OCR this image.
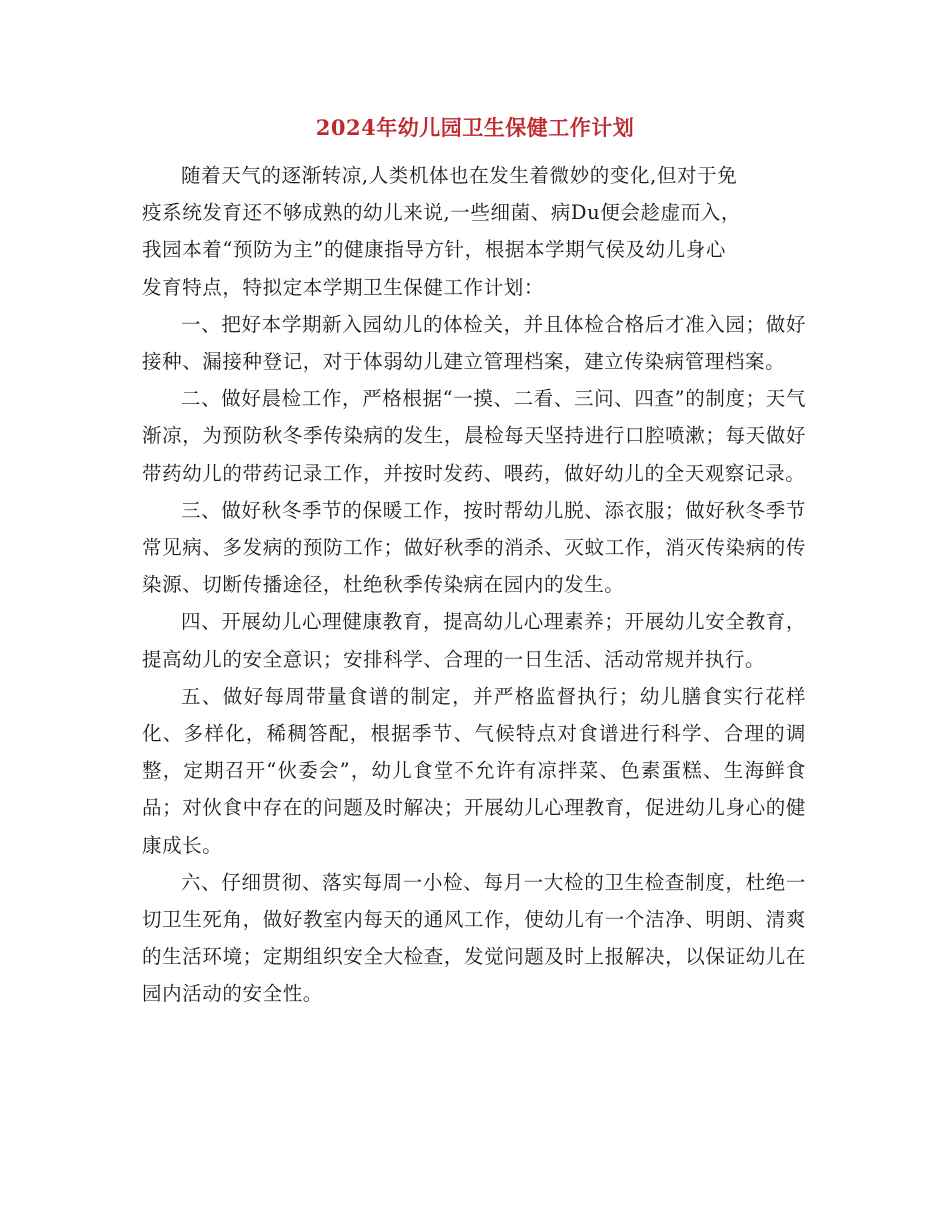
2024年幼儿园卫生保健工作计划
随着天气的逐渐转凉,人类机体也在发生着微妙的变化,但对于免
疫系统发育还不够成熟的幼儿来说,一些细菌、病Du便会趁虚而入，
我园本着“预防为主”的健康指导方针，根据本学期气侯及幼儿身心
发育特点，特拟定本学期卫生保健工作计划：

一、把好本学期新入园幼儿的体检关，并且体检合格后才准入园；做好接种、漏接种登记，对于体弱幼儿建立管理档案，建立传染病管理档案。

二、做好晨检工作，严格根据“一摸、二看、三问、四查”的制度；天气渐凉，为预防秋冬季传染病的发生，晨检每天坚持进行口腔喷漱；每天做好带药幼儿的带药记录工作，并按时发药、喂药，做好幼儿的全天观察记录。

三、做好秋冬季节的保暖工作，按时帮幼儿脱、添衣服；做好秋冬季节常见病、多发病的预防工作；做好秋季的消杀、灭蚊工作，消灭传染病的传染源、切断传播途径，杜绝秋季传染病在园内的发生。

四、开展幼儿心理健康教育，提高幼儿心理素养；开展幼儿安全教育，提高幼儿的安全意识；安排科学、合理的一日生活、活动常规并执行。

五、做好每周带量食谱的制定，并严格监督执行；幼儿膳食实行花样化、多样化，稀稠答配，根据季节、气候特点对食谱进行科学、合理的调整，定期召开“伙委会”，幼儿食堂不允许有凉拌菜、色素蛋糕、生海鲜食品；对伙食中存在的问题及时解决；开展幼儿心理教育，促进幼儿身心的健康成长。

六、仔细贯彻、落实每周一小检、每月一大检的卫生检查制度，杜绝一切卫生死角，做好教室内每天的通风工作，使幼儿有一个洁净、明朗、清爽的生活环境；定期组织安全大检查，发觉问题及时上报解决，以保证幼儿在园内活动的安全性。
